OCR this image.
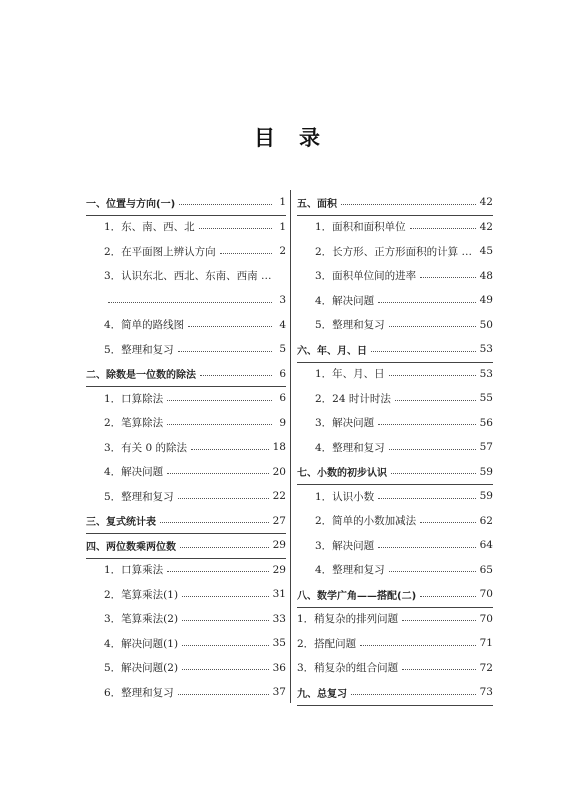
目 录
一、位置与方向(一)	1
1．东、南、西、北	1
2．在平面图上辨认方向	2
3．认识东北、西北、东南、西南 …
3
4．简单的路线图	4
5．整理和复习	5
二、除数是一位数的除法	6
1．口算除法	6
2．笔算除法	9
3．有关 0 的除法	18
4．解决问题	20
5．整理和复习	22
三、复式统计表	27
四、两位数乘两位数	29
1．口算乘法	29
2．笔算乘法(1)	31
3．笔算乘法(2)	33
4．解决问题(1)	35
5．解决问题(2)	36
6．整理和复习	37
五、面积	42
1．面积和面积单位	42
2．长方形、正方形面积的计算 … 45
3．面积单位间的进率	48
4．解决问题	49
5．整理和复习	50
六、年、月、日	53
1．年、月、日	53
2．24 时计时法	55
3．解决问题	56
4．整理和复习	57
七、小数的初步认识	59
1．认识小数	59
2．简单的小数加减法	62
3．解决问题	64
4．整理和复习	65
八、数学广角——搭配(二)	70
1．稍复杂的排列问题	70
2．搭配问题	71
3．稍复杂的组合问题	72
九、总复习	73
